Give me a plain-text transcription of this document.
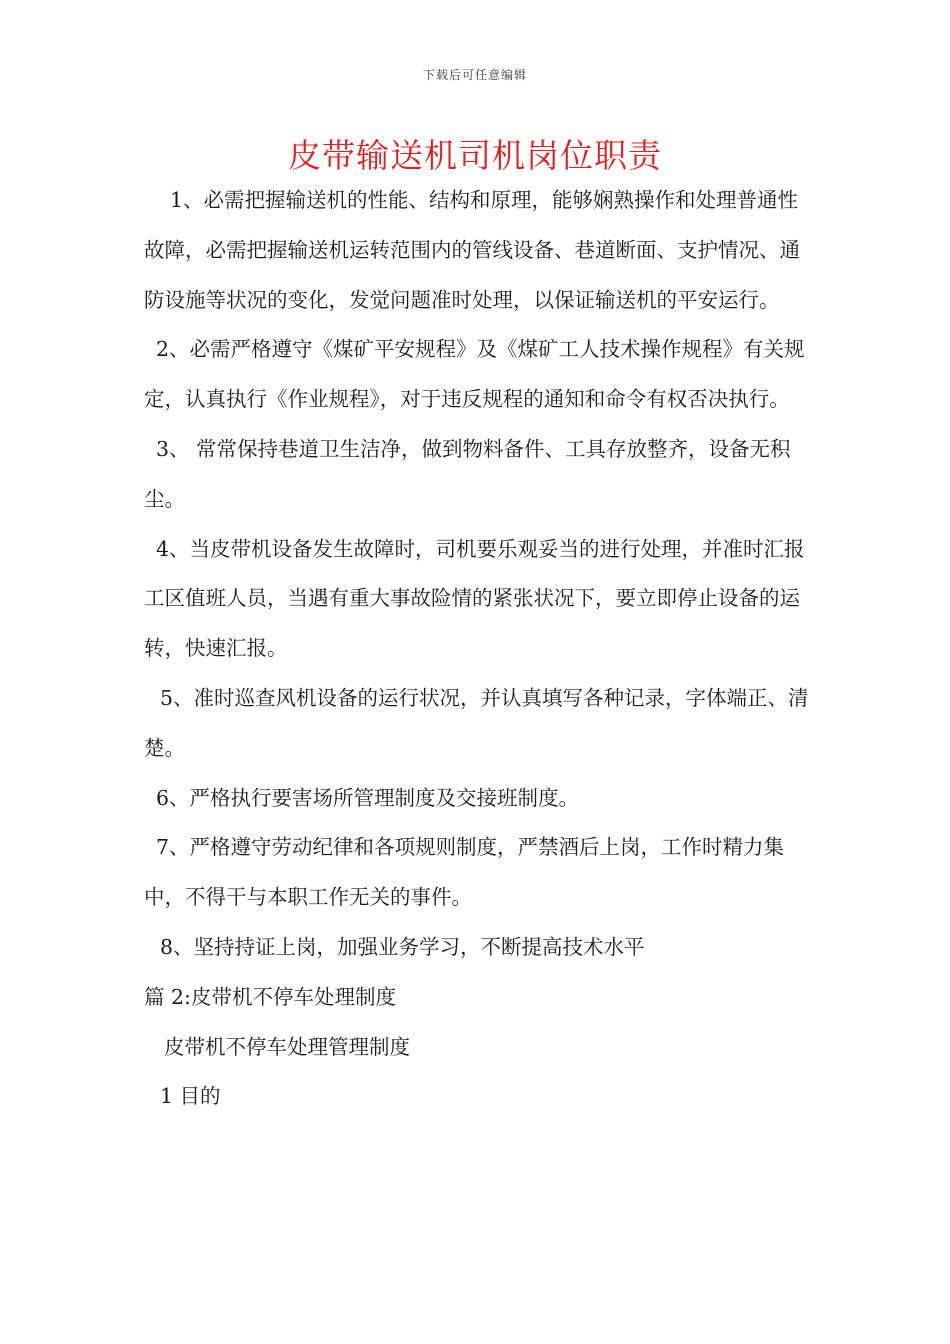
下载后可任意编辑
皮带输送机司机岗位职责

1、必需把握输送机的性能、结构和原理，能够娴熟操作和处理普通性故障，必需把握输送机运转范围内的管线设备、巷道断面、支护情况、通防设施等状况的变化，发觉问题准时处理，以保证输送机的平安运行。

2、必需严格遵守《煤矿平安规程》及《煤矿工人技术操作规程》有关规定，认真执行《作业规程》，对于违反规程的通知和命令有权否决执行。

3、 常常保持巷道卫生洁净，做到物料备件、工具存放整齐，设备无积尘。

4、当皮带机设备发生故障时，司机要乐观妥当的进行处理，并准时汇报工区值班人员，当遇有重大事故险情的紧张状况下，要立即停止设备的运转，快速汇报。

5、准时巡查风机设备的运行状况，并认真填写各种记录，字体端正、清楚。

6、严格执行要害场所管理制度及交接班制度。

7、严格遵守劳动纪律和各项规则制度，严禁酒后上岗，工作时精力集中，不得干与本职工作无关的事件。

8、坚持持证上岗，加强业务学习，不断提高技术水平

篇 2:皮带机不停车处理制度

皮带机不停车处理管理制度

1 目的
